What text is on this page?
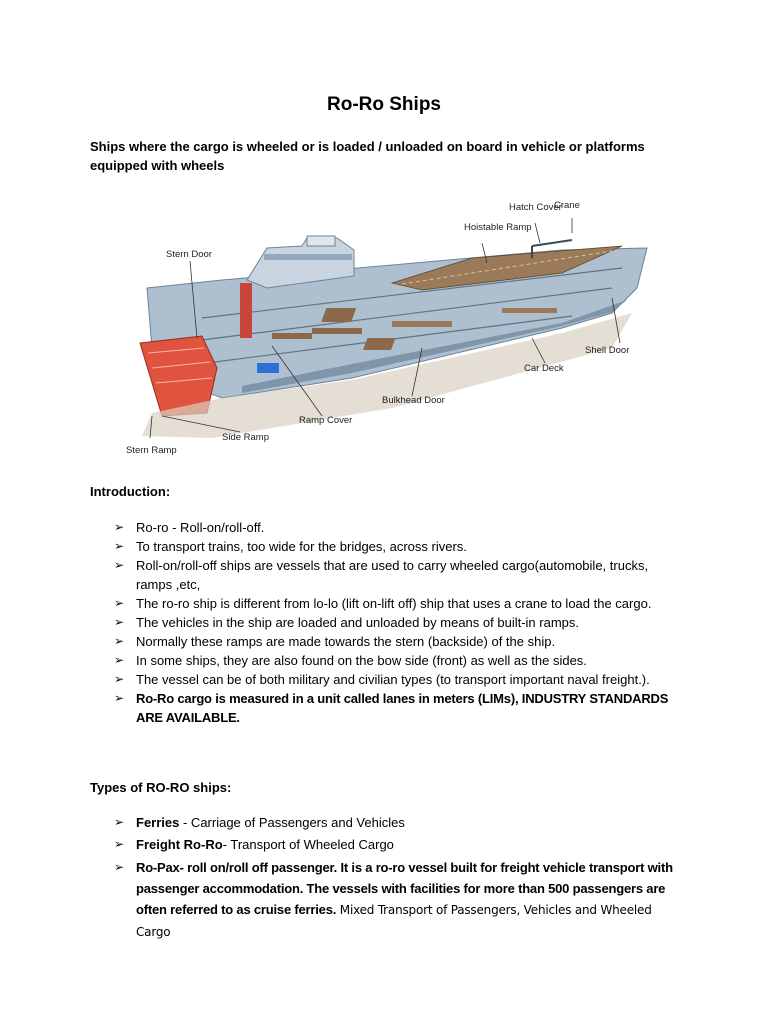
Ro-Ro Ships
Ships where the cargo is wheeled or is loaded / unloaded on board in vehicle or platforms equipped with wheels
Stern Door
Hatch Cover
Crane
Hoistable Ramp
Shell Door
Car Deck
Bulkhead Door
Ramp Cover
Side Ramp
Stern Ramp
Introduction:
➢ Ro-ro - Roll-on/roll-off.
➢ To transport trains, too wide for the bridges, across rivers.
➢ Roll-on/roll-off ships are vessels that are used to carry wheeled cargo(automobile, trucks, ramps ,etc,
➢ The ro-ro ship is different from lo-lo (lift on-lift off) ship that uses a crane to load the cargo.
➢ The vehicles in the ship are loaded and unloaded by means of built-in ramps.
➢ Normally these ramps are made towards the stern (backside) of the ship.
➢ In some ships, they are also found on the bow side (front) as well as the sides.
➢ The vessel can be of both military and civilian types (to transport important naval freight.).
➢ Ro-Ro cargo is measured in a unit called lanes in meters (LIMs), INDUSTRY STANDARDS ARE AVAILABLE.
Types of RO-RO ships:
➢ Ferries - Carriage of Passengers and Vehicles
➢ Freight Ro-Ro- Transport of Wheeled Cargo
➢ Ro-Pax- roll on/roll off passenger. It is a ro-ro vessel built for freight vehicle transport with passenger accommodation. The vessels with facilities for more than 500 passengers are often referred to as cruise ferries. Mixed Transport of Passengers, Vehicles and Wheeled Cargo
